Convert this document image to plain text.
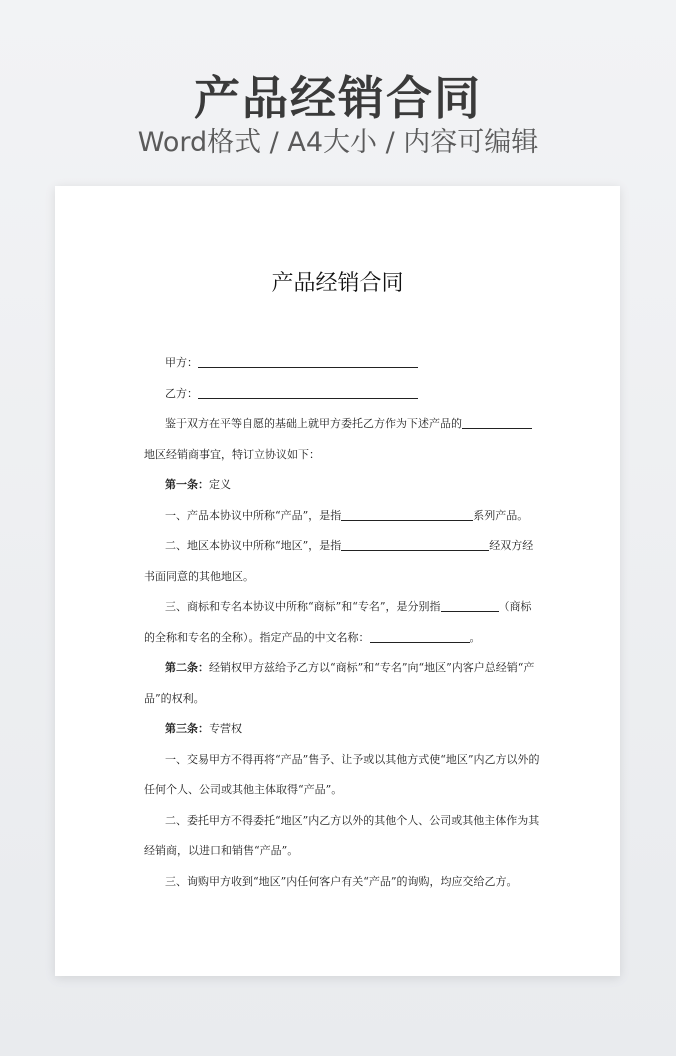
产品经销合同
Word格式 / A4大小 / 内容可编辑
产品经销合同
甲方：
乙方：
鉴于双方在平等自愿的基础上就甲方委托乙方作为下述产品的
地区经销商事宜，特订立协议如下：
第一条：定义
一、产品本协议中所称“产品”，是指	系列产品。
二、地区本协议中所称“地区”，是指	经双方经
书面同意的其他地区。
三、商标和专名本协议中所称“商标”和“专名”，是分别指	（商标
的全称和专名的全称）。指定产品的中文名称：	。
第二条：经销权甲方兹给予乙方以“商标”和“专名”向“地区”内客户总经销“产
品”的权利。
第三条：专营权
一、交易甲方不得再将“产品”售予、让予或以其他方式使“地区”内乙方以外的
任何个人、公司或其他主体取得“产品”。
二、委托甲方不得委托“地区”内乙方以外的其他个人、公司或其他主体作为其
经销商，以进口和销售“产品”。
三、询购甲方收到“地区”内任何客户有关“产品”的询购，均应交给乙方。
